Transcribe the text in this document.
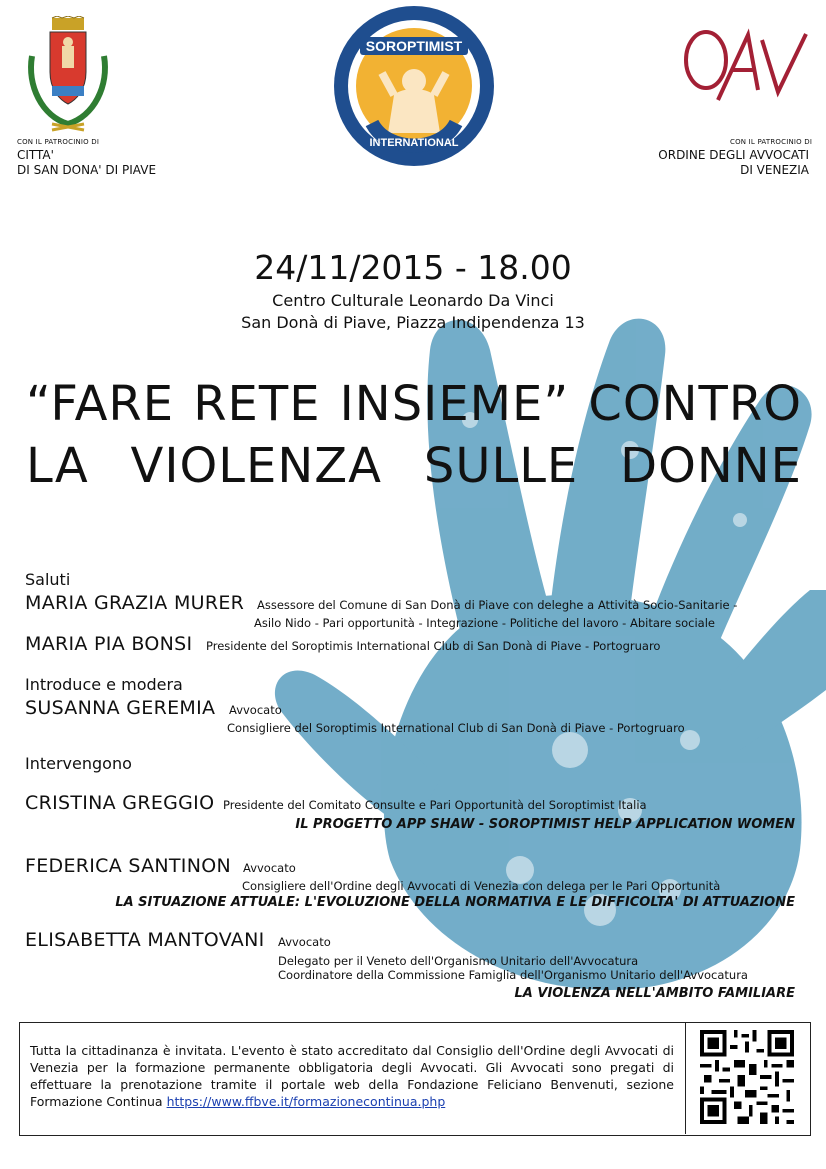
CON IL PATROCINIO DI
CITTA'
DI SAN DONA' DI PIAVE
SOROPTIMIST
INTERNATIONAL	CON IL PATROCINIO DI
ORDINE DEGLI AVVOCATI
DI VENEZIA
24/11/2015 - 18.00
Centro Culturale Leonardo Da Vinci
San Donà di Piave, Piazza Indipendenza 13
“FARE RETE INSIEME” CONTRO
LA VIOLENZA SULLE DONNE
Saluti
MARIA GRAZIA MURER Assessore del Comune di San Donà di Piave con deleghe a Attività Socio-Sanitarie -
Asilo Nido - Pari opportunità - Integrazione - Politiche del lavoro - Abitare sociale
MARIA PIA BONSI Presidente del Soroptimis International Club di San Donà di Piave - Portogruaro
Introduce e modera
SUSANNA GEREMIA Avvocato
Consigliere del Soroptimis International Club di San Donà di Piave - Portogruaro
Intervengono
CRISTINA GREGGIO Presidente del Comitato Consulte e Pari Opportunità del Soroptimist Italia
IL PROGETTO APP SHAW - SOROPTIMIST HELP APPLICATION WOMEN
FEDERICA SANTINON Avvocato
Consigliere dell'Ordine degli Avvocati di Venezia con delega per le Pari Opportunità
LA SITUAZIONE ATTUALE: L'EVOLUZIONE DELLA NORMATIVA E LE DIFFICOLTA' DI ATTUAZIONE
ELISABETTA MANTOVANI Avvocato
Delegato per il Veneto dell'Organismo Unitario dell'Avvocatura
Coordinatore della Commissione Famiglia dell'Organismo Unitario dell'Avvocatura
LA VIOLENZA NELL'AMBITO FAMILIARE
Tutta la cittadinanza è invitata. L'evento è stato accreditato dal Consiglio dell'Ordine degli Avvocati di Venezia per la formazione permanente obbligatoria degli Avvocati. Gli Avvocati sono pregati di effettuare la prenotazione tramite il portale web della Fondazione Feliciano Benvenuti, sezione Formazione Continua https://www.ffbve.it/formazionecontinua.php
